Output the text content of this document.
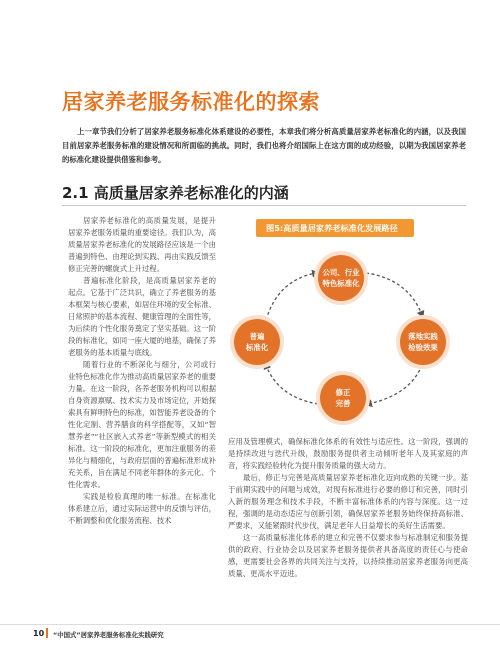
居家养老服务标准化的探索

上一章节我们分析了居家养老服务标准化体系建设的必要性，本章我们将分析高质量居家养老标准化的内涵，以及我国目前居家养老服务标准的建设情况和所面临的挑战。同时，我们也将介绍国际上在这方面的成功经验，以期为我国居家养老的标准化建设提供借鉴和参考。

2.1 高质量居家养老标准化的内涵

居家养老标准化的高质量发展，是提升居家养老服务质量的重要途径。我们认为，高质量居家养老标准化的发展路径应该是一个由普遍到特色、由理论到实践、再由实践反馈至修正完善的螺旋式上升过程。

普遍标准化阶段，是高质量居家养老的起点。它基于广泛共识，确立了养老服务的基本框架与核心要素，如居住环境的安全标准、日常照护的基本流程、健康管理的全面性等，为后续的个性化服务奠定了坚实基础。这一阶段的标准化，如同一座大厦的地基，确保了养老服务的基本质量与底线。

随着行业的不断深化与细分，公司或行业特色标准化作为推动高质量居家养老的重要力量。在这一阶段，各养老服务机构可以根据自身资源禀赋、技术实力及市场定位，开始探索具有鲜明特色的标准，如智能养老设备的个性化定制、营养膳食的科学搭配等，又如“智慧养老”“社区嵌入式养老”等新型模式的相关标准。这一阶段的标准化，更加注重服务的差异化与精细化，与政府层面的普遍标准形成补充关系，旨在满足不同老年群体的多元化、个性化需求。

实践是检验真理的唯一标准。在标准化体系建立后，通过实际运营中的反馈与评估，不断调整和优化服务流程、技术

图5:高质量居家养老标准化发展路径
公司、行业
特色标准化
普遍
标准化
落地实践
检验效果
修正
完善

应用及管理模式，确保标准化体系的有效性与适应性。这一阶段，强调的是持续改进与迭代升级，鼓励服务提供者主动倾听老年人及其家庭的声音，将实践经验转化为提升服务质量的强大动力。

最后，修正与完善是高质量居家养老标准化迈向成熟的关键一步。基于前期实践中的问题与成效，对现有标准进行必要的修订和完善，同时引入新的服务理念和技术手段，不断丰富标准体系的内容与深度。这一过程，强调的是动态适应与创新引领，确保居家养老服务始终保持高标准、严要求，又能紧跟时代步伐，满足老年人日益增长的美好生活需要。

这一高质量标准化体系的建立和完善不仅要求参与标准制定和服务提供的政府、行业协会以及居家养老服务提供者具备高度的责任心与使命感，更需要社会各界的共同关注与支持，以持续推动居家养老服务向更高质量、更高水平迈进。

10 “中国式”居家养老服务标准化实践研究
